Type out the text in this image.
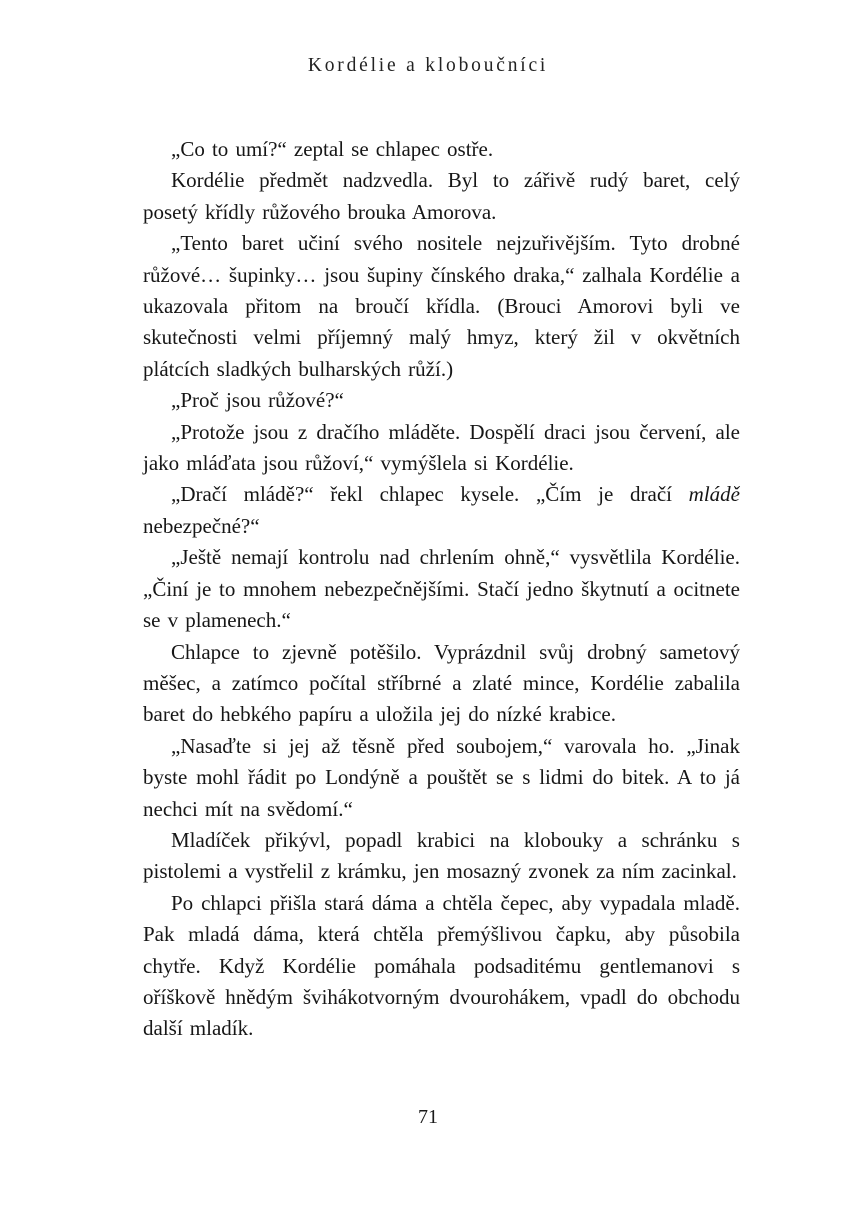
Kordélie a kloboučníci

„Co to umí?“ zeptal se chlapec ostře.

Kordélie předmět nadzvedla. Byl to zářivě rudý baret, celý posetý křídly růžového brouka Amorova.

„Tento baret učiní svého nositele nejzuřivějším. Tyto drobné růžové… šupinky… jsou šupiny čínského draka,“ zalhala Kordélie a ukazovala přitom na broučí křídla. (Brouci Amorovi byli ve skutečnosti velmi příjemný malý hmyz, který žil v okvětních plátcích sladkých bulharských růží.)

„Proč jsou růžové?“

„Protože jsou z dračího mláděte. Dospělí draci jsou červení, ale jako mláďata jsou růžoví,“ vymýšlela si Kordélie.

„Dračí mládě?“ řekl chlapec kysele. „Čím je dračí mládě nebezpečné?“

„Ještě nemají kontrolu nad chrlením ohně,“ vysvětlila Kordélie. „Činí je to mnohem nebezpečnějšími. Stačí jedno škytnutí a ocitnete se v plamenech.“

Chlapce to zjevně potěšilo. Vyprázdnil svůj drobný sametový měšec, a zatímco počítal stříbrné a zlaté mince, Kordélie zabalila baret do hebkého papíru a uložila jej do nízké krabice.

„Nasaďte si jej až těsně před soubojem,“ varovala ho. „Jinak byste mohl řádit po Londýně a pouštět se s lidmi do bitek. A to já nechci mít na svědomí.“

Mladíček přikývl, popadl krabici na klobouky a schránku s pistolemi a vystřelil z krámku, jen mosazný zvonek za ním zacinkal.

Po chlapci přišla stará dáma a chtěla čepec, aby vypadala mladě. Pak mladá dáma, která chtěla přemýšlivou čapku, aby působila chytře. Když Kordélie pomáhala podsaditému gentlemanovi s oříškově hnědým švihákotvorným dvourohákem, vpadl do obchodu další mladík.

71
